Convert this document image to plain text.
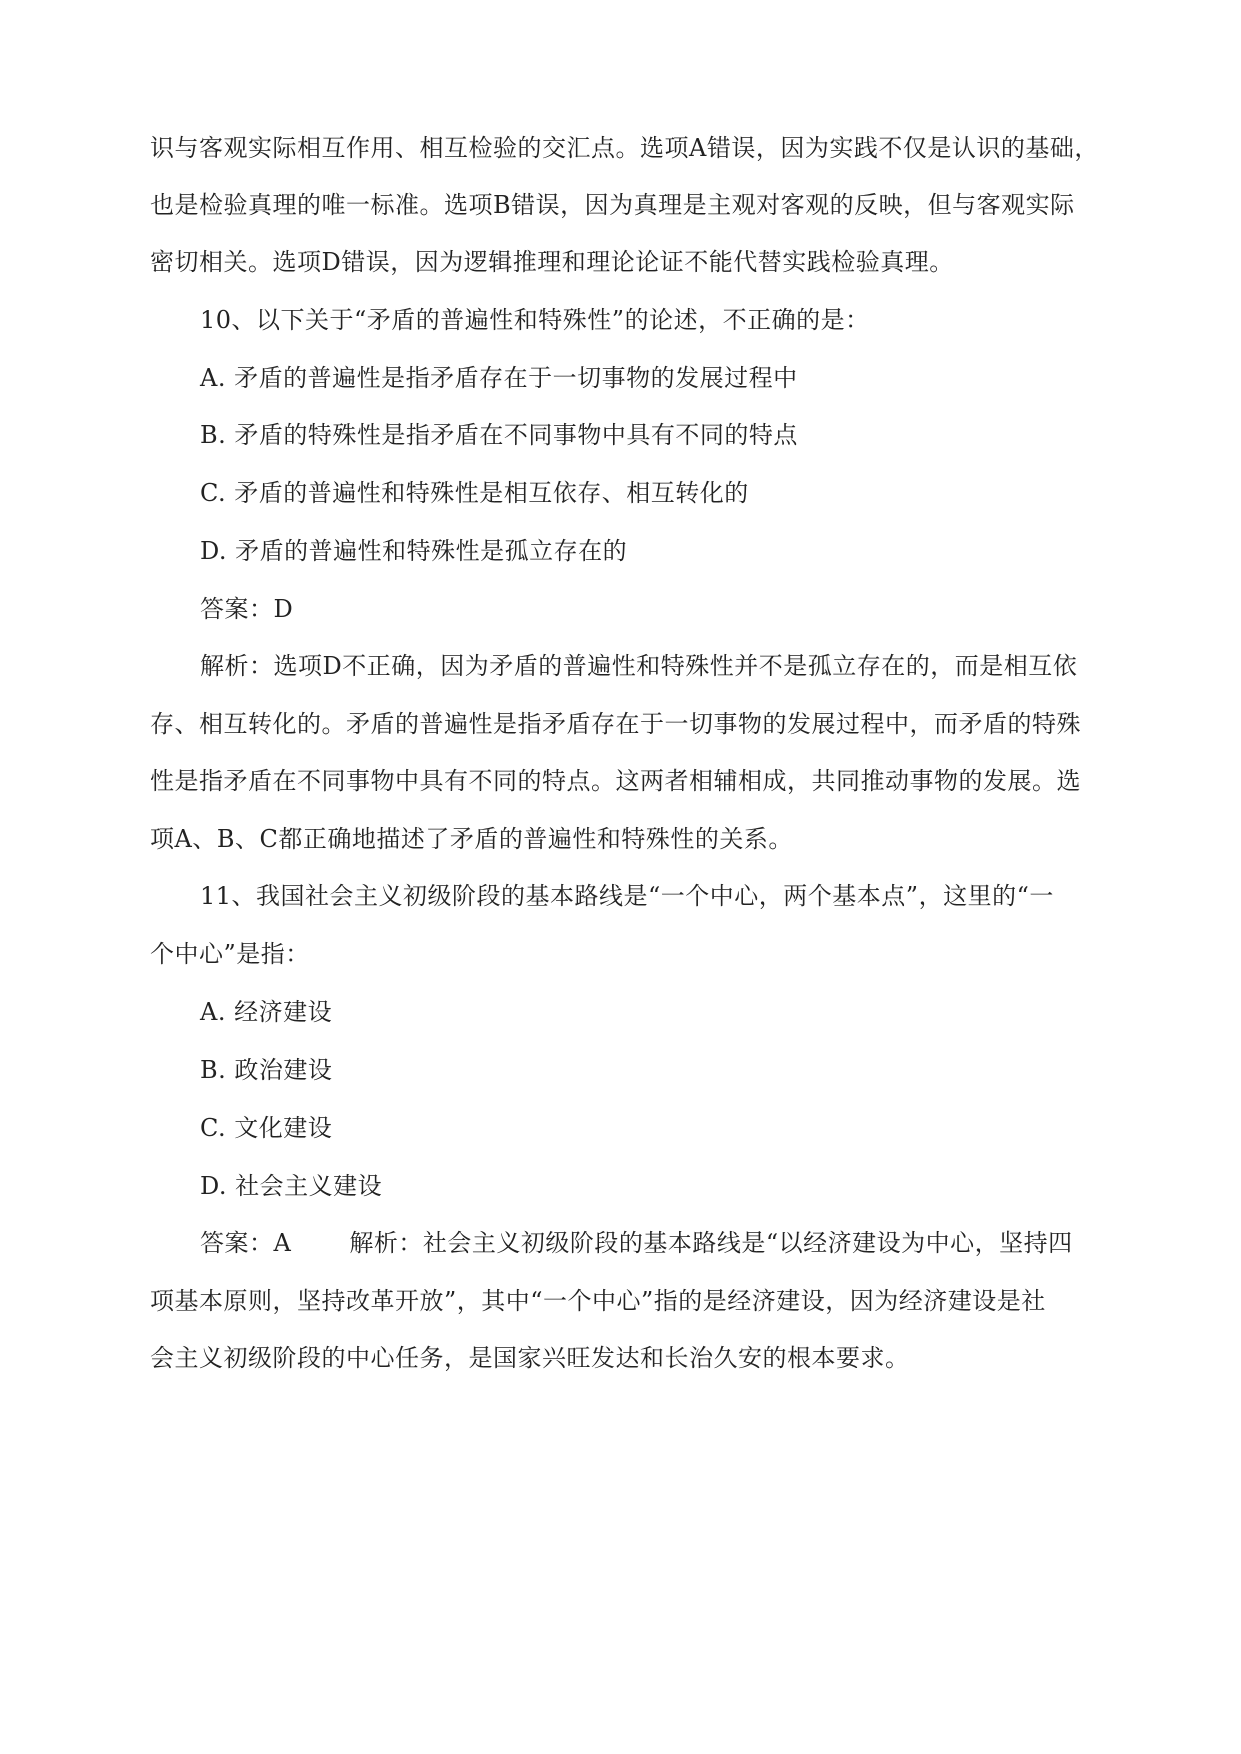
识与客观实际相互作用、相互检验的交汇点。选项A错误，因为实践不仅是认识的基础，
也是检验真理的唯一标准。选项B错误，因为真理是主观对客观的反映，但与客观实际
密切相关。选项D错误，因为逻辑推理和理论论证不能代替实践检验真理。
10、以下关于“矛盾的普遍性和特殊性”的论述，不正确的是：
A. 矛盾的普遍性是指矛盾存在于一切事物的发展过程中
B. 矛盾的特殊性是指矛盾在不同事物中具有不同的特点
C. 矛盾的普遍性和特殊性是相互依存、相互转化的
D. 矛盾的普遍性和特殊性是孤立存在的
答案：D
解析：选项D不正确，因为矛盾的普遍性和特殊性并不是孤立存在的，而是相互依
存、相互转化的。矛盾的普遍性是指矛盾存在于一切事物的发展过程中，而矛盾的特殊
性是指矛盾在不同事物中具有不同的特点。这两者相辅相成，共同推动事物的发展。选
项A、B、C都正确地描述了矛盾的普遍性和特殊性的关系。
11、我国社会主义初级阶段的基本路线是“一个中心，两个基本点”，这里的“一
个中心”是指：
A. 经济建设
B. 政治建设
C. 文化建设
D. 社会主义建设
答案：A 解析：社会主义初级阶段的基本路线是“以经济建设为中心，坚持四
项基本原则，坚持改革开放”，其中“一个中心”指的是经济建设，因为经济建设是社
会主义初级阶段的中心任务，是国家兴旺发达和长治久安的根本要求。
